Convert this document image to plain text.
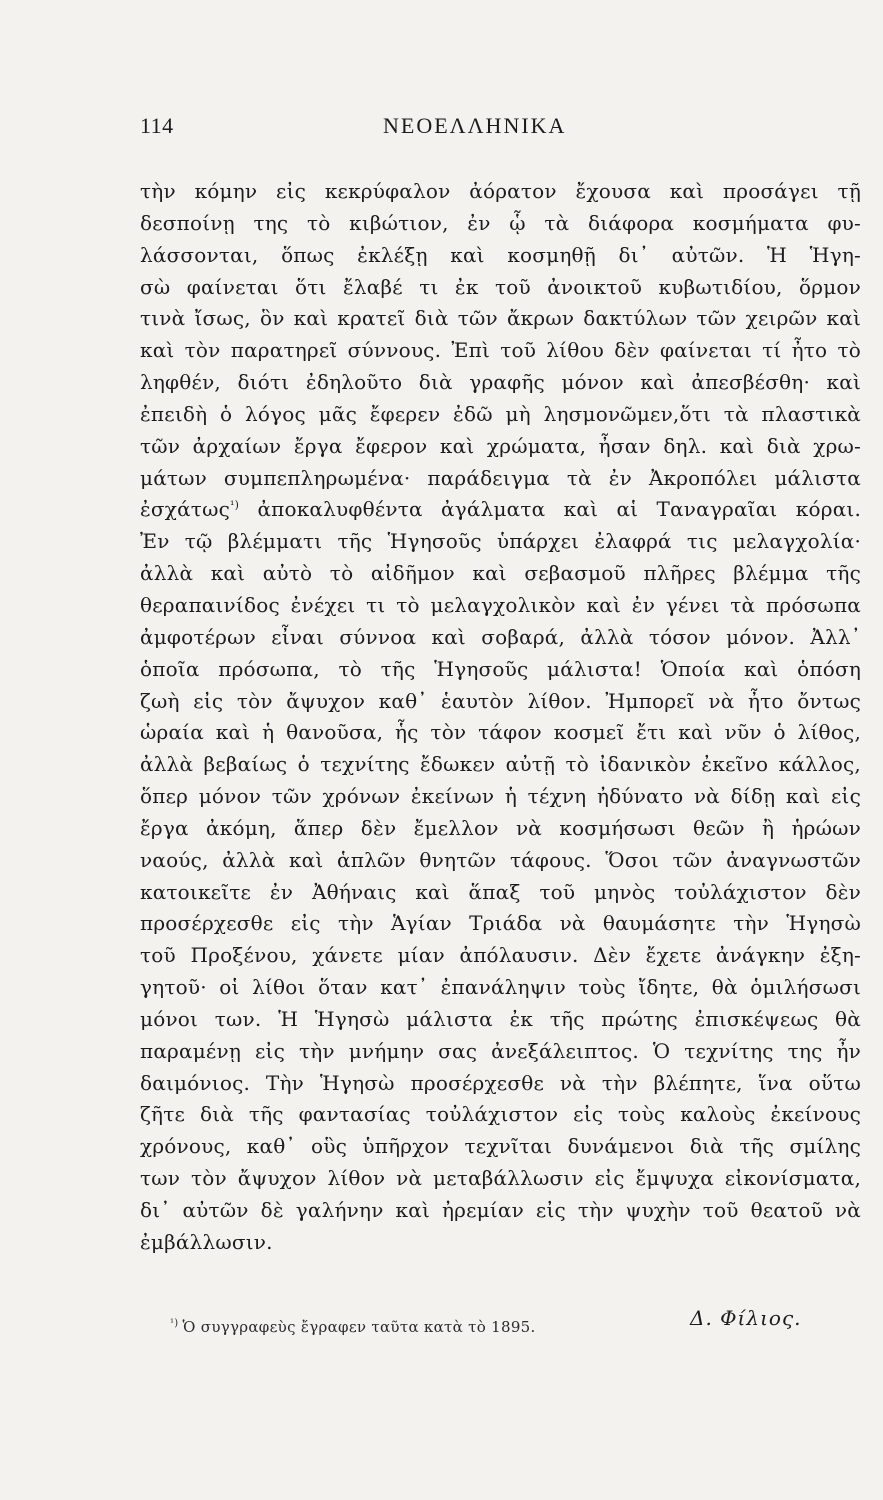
114	ΝΕΟΕΛΛΗΝΙΚΑ
τὴν κόμην εἰς κεκρύφαλον ἀόρατον ἔχουσα καὶ προσάγει τῇ
δεσποίνῃ της τὸ κιβώτιον, ἐν ᾧ τὰ διάφορα κοσμήματα φυ-
λάσσονται, ὅπως ἐκλέξῃ καὶ κοσμηθῇ δι᾽ αὐτῶν. Ἡ Ἡγη-
σὼ φαίνεται ὅτι ἔλαβέ τι ἐκ τοῦ ἀνοικτοῦ κυβωτιδίου, ὅρμον
τινὰ ἴσως, ὃν καὶ κρατεῖ διὰ τῶν ἄκρων δακτύλων τῶν χειρῶν καὶ
καὶ τὸν παρατηρεῖ σύννους. Ἐπὶ τοῦ λίθου δὲν φαίνεται τί ἦτο τὸ
ληφθέν, διότι ἐδηλοῦτο διὰ γραφῆς μόνον καὶ ἀπεσβέσθη· καὶ
ἐπειδὴ ὁ λόγος μᾶς ἔφερεν ἐδῶ μὴ λησμονῶμεν,ὅτι τὰ πλαστικὰ
τῶν ἀρχαίων ἔργα ἔφερον καὶ χρώματα, ἦσαν δηλ. καὶ διὰ χρω-
μάτων συμπεπληρωμένα· παράδειγμα τὰ ἐν Ἀκροπόλει μάλιστα
ἐσχάτως$^{^1)}$ ἀποκαλυφθέντα ἀγάλματα καὶ αἱ Ταναγραῖαι κόραι.
Ἐν τῷ βλέμματι τῆς Ἡγησοῦς ὑπάρχει ἐλαφρά τις μελαγχολία·
ἀλλὰ καὶ αὐτὸ τὸ αἰδῆμον καὶ σεβασμοῦ πλῆρες βλέμμα τῆς
θεραπαινίδος ἐνέχει τι τὸ μελαγχολικὸν καὶ ἐν γένει τὰ πρόσωπα
ἀμφοτέρων εἶναι σύννοα καὶ σοβαρά, ἀλλὰ τόσον μόνον. Ἀλλ᾽
ὁποῖα πρόσωπα, τὸ τῆς Ἡγησοῦς μάλιστα! Ὁποία καὶ ὁπόση
ζωὴ εἰς τὸν ἄψυχον καθ᾽ ἑαυτὸν λίθον. Ἠμπορεῖ νὰ ἦτο ὄντως
ὡραία καὶ ἡ θανοῦσα, ἧς τὸν τάφον κοσμεῖ ἔτι καὶ νῦν ὁ λίθος,
ἀλλὰ βεβαίως ὁ τεχνίτης ἔδωκεν αὐτῇ τὸ ἰδανικὸν ἐκεῖνο κάλλος,
ὅπερ μόνον τῶν χρόνων ἐκείνων ἡ τέχνη ἠδύνατο νὰ δίδῃ καὶ εἰς
ἔργα ἀκόμη, ἅπερ δὲν ἔμελλον νὰ κοσμήσωσι θεῶν ἢ ἡρώων
ναούς, ἀλλὰ καὶ ἁπλῶν θνητῶν τάφους. Ὅσοι τῶν ἀναγνωστῶν
κατοικεῖτε ἐν Ἀθήναις καὶ ἅπαξ τοῦ μηνὸς τοὐλάχιστον δὲν
προσέρχεσθε εἰς τὴν Ἁγίαν Τριάδα νὰ θαυμάσητε τὴν Ἡγησὼ
τοῦ Προξένου, χάνετε μίαν ἀπόλαυσιν. Δὲν ἔχετε ἀνάγκην ἐξη-
γητοῦ· οἱ λίθοι ὅταν κατ᾽ ἐπανάληψιν τοὺς ἴδητε, θὰ ὁμιλήσωσι
μόνοι των. Ἡ Ἡγησὼ μάλιστα ἐκ τῆς πρώτης ἐπισκέψεως θὰ
παραμένῃ εἰς τὴν μνήμην σας ἀνεξάλειπτος. Ὁ τεχνίτης της ἦν
δαιμόνιος. Τὴν Ἡγησὼ προσέρχεσθε νὰ τὴν βλέπητε, ἵνα οὕτω
ζῆτε διὰ τῆς φαντασίας τοὐλάχιστον εἰς τοὺς καλοὺς ἐκείνους
χρόνους, καθ᾽ οὓς ὑπῆρχον τεχνῖται δυνάμενοι διὰ τῆς σμίλης
των τὸν ἄψυχον λίθον νὰ μεταβάλλωσιν εἰς ἔμψυχα εἰκονίσματα,
δι᾽ αὐτῶν δὲ γαλήνην καὶ ἠρεμίαν εἰς τὴν ψυχὴν τοῦ θεατοῦ νὰ
ἐμβάλλωσιν.
Δ. Φίλιος.
$^{^1)}$ Ὁ συγγραφεὺς ἔγραφεν ταῦτα κατὰ τὸ 1895.
